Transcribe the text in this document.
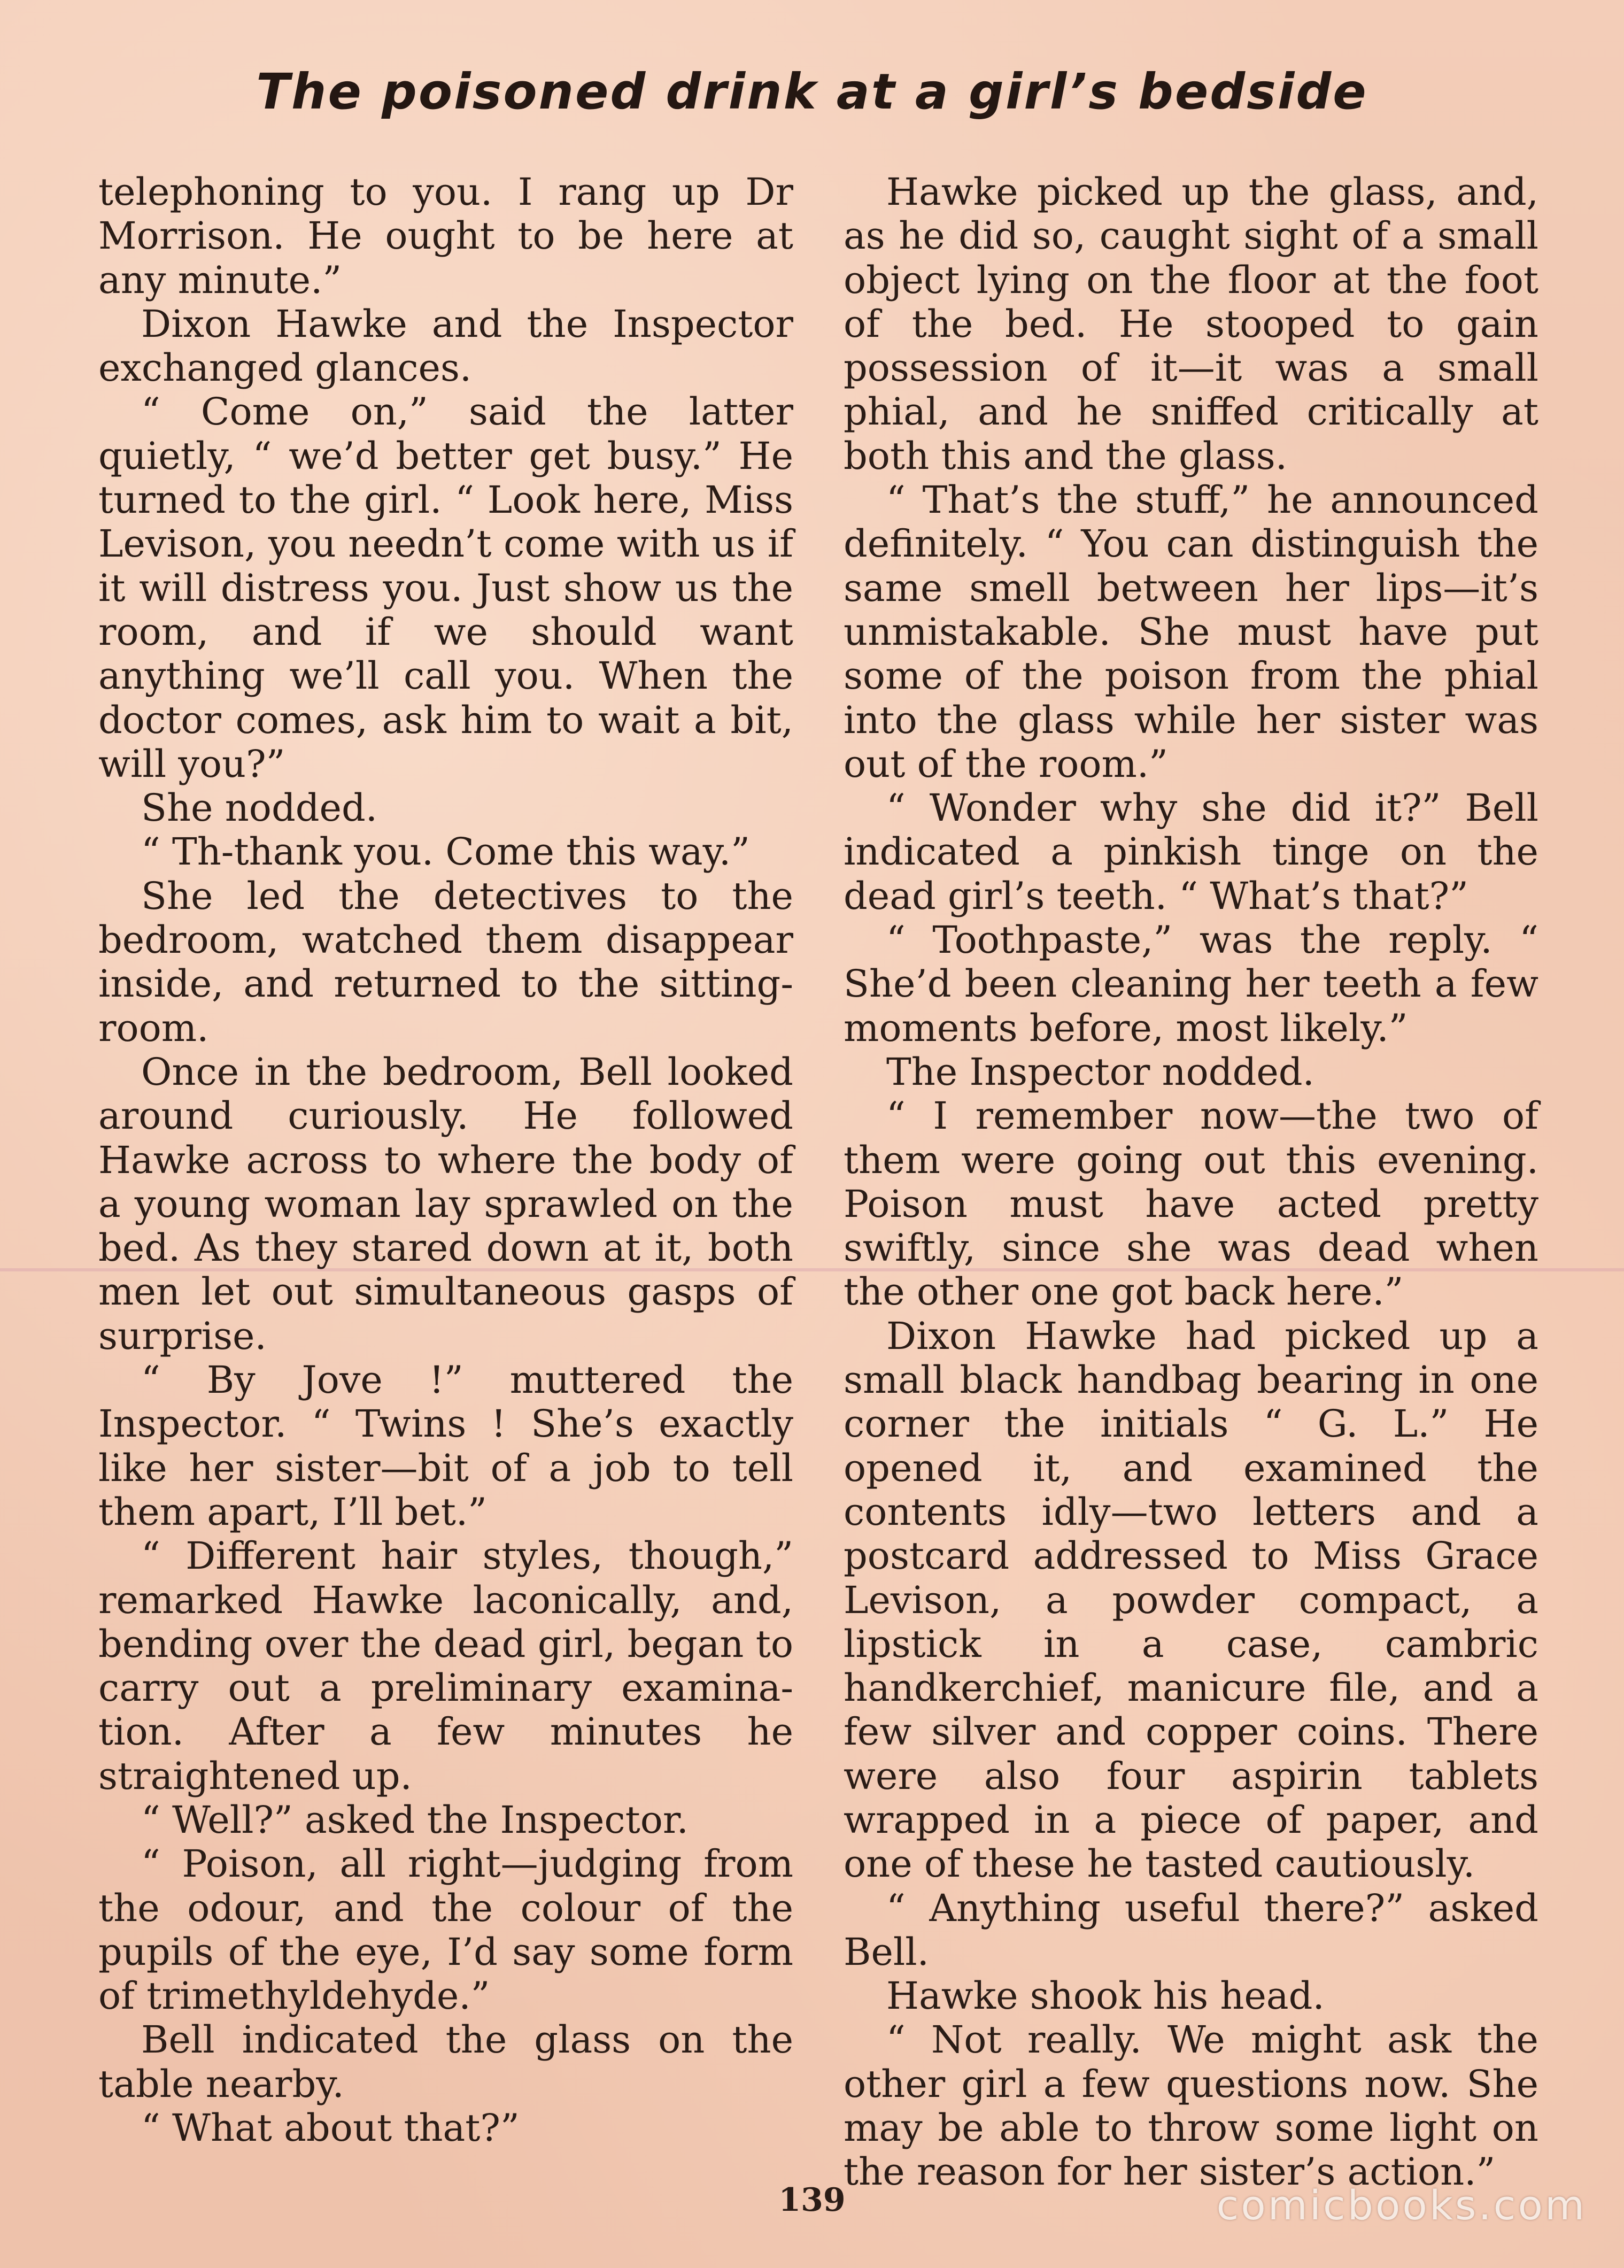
The poisoned drink at a girl’s bedside

telephoning to you. I rang up Dr Morrison. He ought to be here at any minute.”

Dixon Hawke and the Inspector exchanged glances.

“ Come on,” said the latter quietly, “ we’d better get busy.” He turned to the girl. “ Look here, Miss Levison, you needn’t come with us if it will distress you. Just show us the room, and if we should want anything we’ll call you. When the doctor comes, ask him to wait a bit, will you?”

She nodded.

“ Th-thank you. Come this way.”

She led the detectives to the bedroom, watched them disappear inside, and returned to the sitting-room.

Once in the bedroom, Bell looked around curiously. He followed Hawke across to where the body of a young woman lay sprawled on the bed. As they stared down at it, both men let out simultaneous gasps of surprise.

“ By Jove !” muttered the Inspector. “ Twins ! She’s exactly like her sister—bit of a job to tell them apart, I’ll bet.”

“ Different hair styles, though,” remarked Hawke laconically, and, bending over the dead girl, began to carry out a preliminary examina-tion. After a few minutes he straightened up.

“ Well?” asked the Inspector.

“ Poison, all right—judging from the odour, and the colour of the pupils of the eye, I’d say some form of trimethyldehyde.”

Bell indicated the glass on the table nearby.

“ What about that?”

Hawke picked up the glass, and, as he did so, caught sight of a small object lying on the floor at the foot of the bed. He stooped to gain possession of it—it was a small phial, and he sniffed critically at both this and the glass.

“ That’s the stuff,” he announced definitely. “ You can distinguish the same smell between her lips—it’s unmistakable. She must have put some of the poison from the phial into the glass while her sister was out of the room.”

“ Wonder why she did it?” Bell indicated a pinkish tinge on the dead girl’s teeth. “ What’s that?”

“ Toothpaste,” was the reply. “ She’d been cleaning her teeth a few moments before, most likely.”

The Inspector nodded.

“ I remember now—the two of them were going out this evening. Poison must have acted pretty swiftly, since she was dead when the other one got back here.”

Dixon Hawke had picked up a small black handbag bearing in one corner the initials “ G. L.” He opened it, and examined the contents idly—two letters and a postcard addressed to Miss Grace Levison, a powder compact, a lipstick in a case, cambric handkerchief, manicure file, and a few silver and copper coins. There were also four aspirin tablets wrapped in a piece of paper, and one of these he tasted cautiously.

“ Anything useful there?” asked Bell.

Hawke shook his head.

“ Not really. We might ask the other girl a few questions now. She may be able to throw some light on the reason for her sister’s action.”

139	comicbooks.com
